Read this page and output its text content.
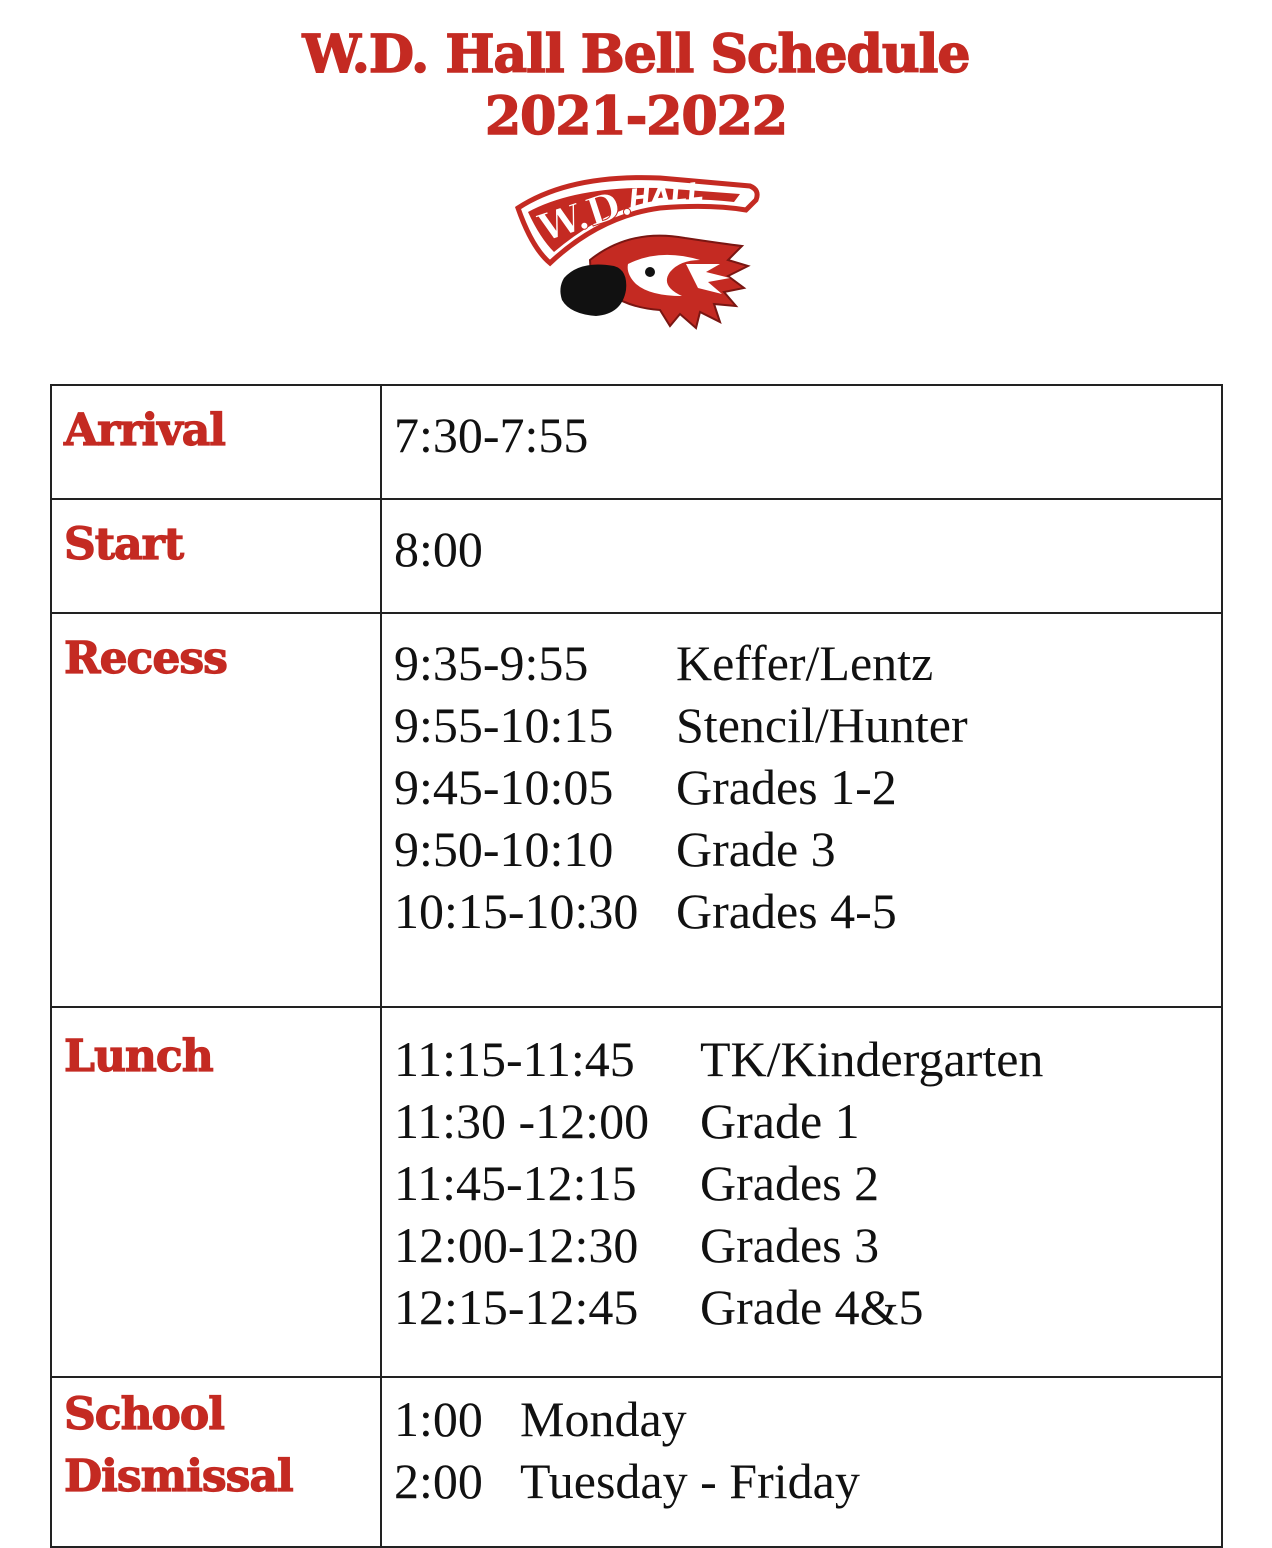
W.D. Hall Bell Schedule
2021-2022
W.D.
HALL
Arrival	7:30-7:55

Start	8:00

Recess	9:35-9:55 Keffer/Lentz
9:55-10:15 Stencil/Hunter
9:45-10:05 Grades 1-2
9:50-10:10 Grade 3
10:15-10:30 Grades 4-5

Lunch	11:15-11:45 TK/Kindergarten
11:30 -12:00 Grade 1
11:45-12:15 Grades 2
12:00-12:30 Grades 3
12:15-12:45 Grade 4&5

School
Dismissal	1:00 Monday
2:00 Tuesday - Friday
